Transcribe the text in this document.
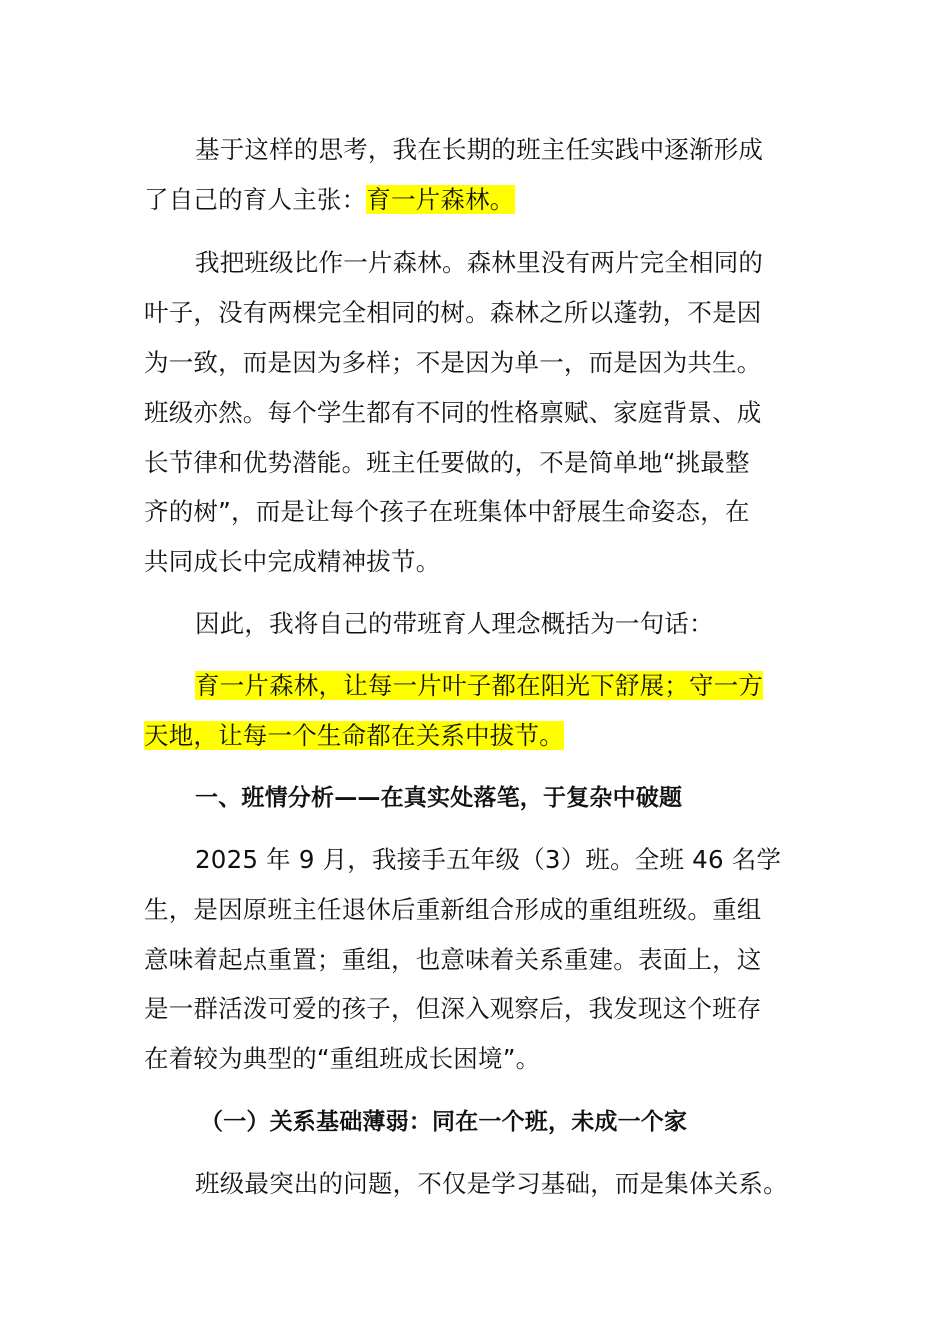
基于这样的思考，我在长期的班主任实践中逐渐形成
了自己的育人主张：育一片森林。
我把班级比作一片森林。森林里没有两片完全相同的
叶子，没有两棵完全相同的树。森林之所以蓬勃，不是因
为一致，而是因为多样；不是因为单一，而是因为共生。
班级亦然。每个学生都有不同的性格禀赋、家庭背景、成
长节律和优势潜能。班主任要做的，不是简单地“挑最整
齐的树”，而是让每个孩子在班集体中舒展生命姿态，在
共同成长中完成精神拔节。
因此，我将自己的带班育人理念概括为一句话：
育一片森林，让每一片叶子都在阳光下舒展；守一方
天地，让每一个生命都在关系中拔节。
一、班情分析——在真实处落笔，于复杂中破题
2025 年 9 月，我接手五年级（3）班。全班 46 名学
生，是因原班主任退休后重新组合形成的重组班级。重组
意味着起点重置；重组，也意味着关系重建。表面上，这
是一群活泼可爱的孩子，但深入观察后，我发现这个班存
在着较为典型的“重组班成长困境”。
（一）关系基础薄弱：同在一个班，未成一个家
班级最突出的问题，不仅是学习基础，而是集体关系。
